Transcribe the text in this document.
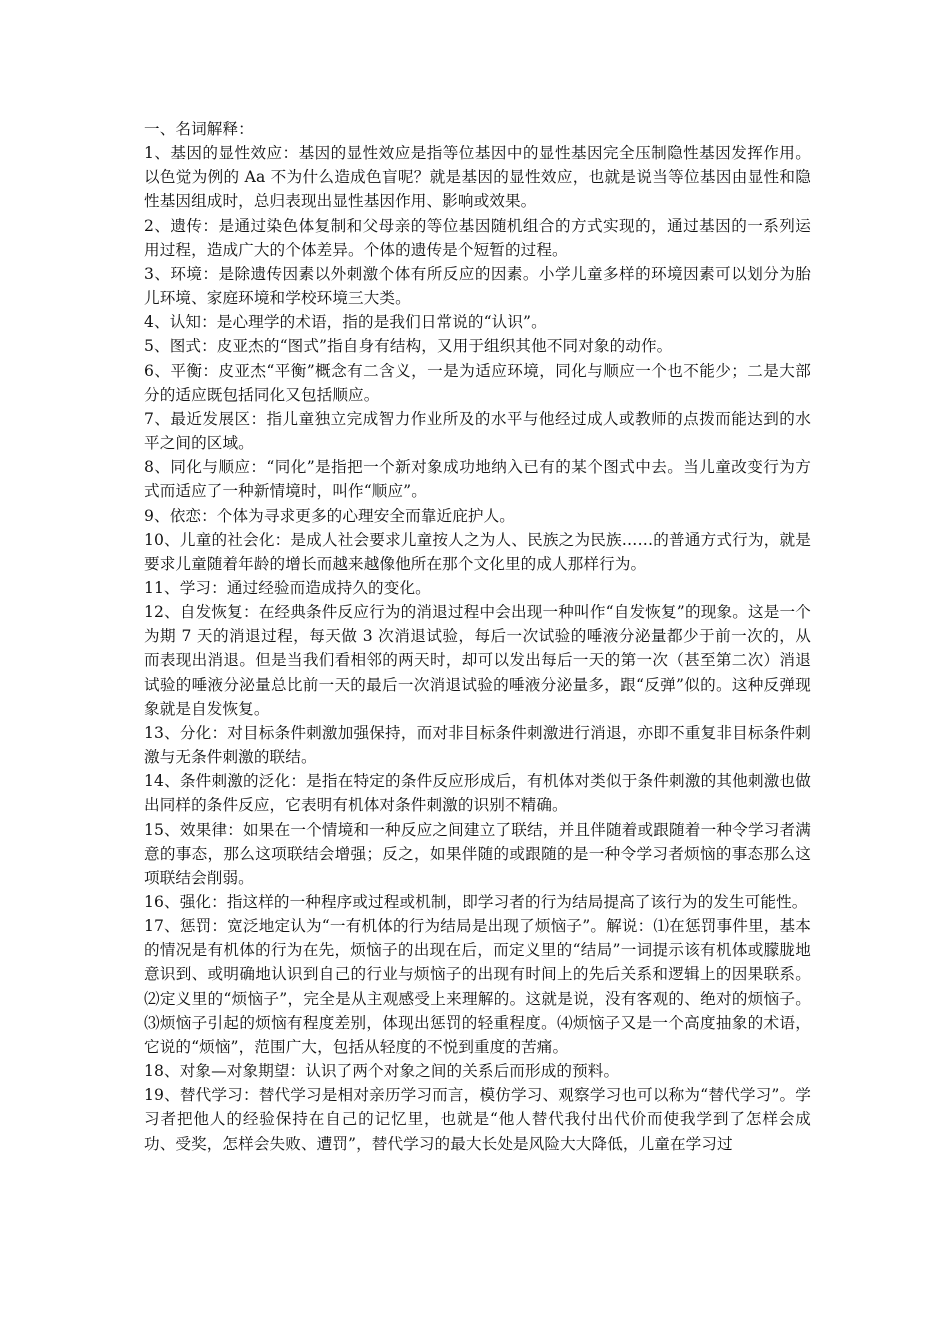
一、名词解释：

1、基因的显性效应：基因的显性效应是指等位基因中的显性基因完全压制隐性基因发挥作用。以色觉为例的 Aa 不为什么造成色盲呢？就是基因的显性效应，也就是说当等位基因由显性和隐性基因组成时，总归表现出显性基因作用、影响或效果。

2、遗传：是通过染色体复制和父母亲的等位基因随机组合的方式实现的，通过基因的一系列运用过程，造成广大的个体差异。个体的遗传是个短暂的过程。

3、环境：是除遗传因素以外刺激个体有所反应的因素。小学儿童多样的环境因素可以划分为胎儿环境、家庭环境和学校环境三大类。

4、认知：是心理学的术语，指的是我们日常说的“认识”。

5、图式：皮亚杰的“图式”指自身有结构，又用于组织其他不同对象的动作。

6、平衡：皮亚杰“平衡”概念有二含义，一是为适应环境，同化与顺应一个也不能少；二是大部分的适应既包括同化又包括顺应。

7、最近发展区：指儿童独立完成智力作业所及的水平与他经过成人或教师的点拨而能达到的水平之间的区域。

8、同化与顺应：“同化”是指把一个新对象成功地纳入已有的某个图式中去。当儿童改变行为方式而适应了一种新情境时，叫作“顺应”。

9、依恋：个体为寻求更多的心理安全而靠近庇护人。

10、儿童的社会化：是成人社会要求儿童按人之为人、民族之为民族……的普通方式行为，就是要求儿童随着年龄的增长而越来越像他所在那个文化里的成人那样行为。

11、学习：通过经验而造成持久的变化。

12、自发恢复：在经典条件反应行为的消退过程中会出现一种叫作“自发恢复”的现象。这是一个为期 7 天的消退过程，每天做 3 次消退试验，每后一次试验的唾液分泌量都少于前一次的，从而表现出消退。但是当我们看相邻的两天时，却可以发出每后一天的第一次（甚至第二次）消退试验的唾液分泌量总比前一天的最后一次消退试验的唾液分泌量多，跟“反弹”似的。这种反弹现象就是自发恢复。

13、分化：对目标条件刺激加强保持，而对非目标条件刺激进行消退，亦即不重复非目标条件刺激与无条件刺激的联结。

14、条件刺激的泛化：是指在特定的条件反应形成后，有机体对类似于条件刺激的其他刺激也做出同样的条件反应，它表明有机体对条件刺激的识别不精确。

15、效果律：如果在一个情境和一种反应之间建立了联结，并且伴随着或跟随着一种令学习者满意的事态，那么这项联结会增强；反之，如果伴随的或跟随的是一种令学习者烦恼的事态那么这项联结会削弱。

16、强化：指这样的一种程序或过程或机制，即学习者的行为结局提高了该行为的发生可能性。

17、惩罚：宽泛地定认为“一有机体的行为结局是出现了烦恼子”。解说：⑴在惩罚事件里，基本的情况是有机体的行为在先，烦恼子的出现在后，而定义里的“结局”一词提示该有机体或朦胧地意识到、或明确地认识到自己的行业与烦恼子的出现有时间上的先后关系和逻辑上的因果联系。⑵定义里的“烦恼子”，完全是从主观感受上来理解的。这就是说，没有客观的、绝对的烦恼子。⑶烦恼子引起的烦恼有程度差别，体现出惩罚的轻重程度。⑷烦恼子又是一个高度抽象的术语，它说的“烦恼”，范围广大，包括从轻度的不悦到重度的苦痛。

18、对象—对象期望：认识了两个对象之间的关系后而形成的预料。

19、替代学习：替代学习是相对亲历学习而言，模仿学习、观察学习也可以称为“替代学习”。学习者把他人的经验保持在自己的记忆里，也就是“他人替代我付出代价而使我学到了怎样会成功、受奖，怎样会失败、遭罚”，替代学习的最大长处是风险大大降低，儿童在学习过
